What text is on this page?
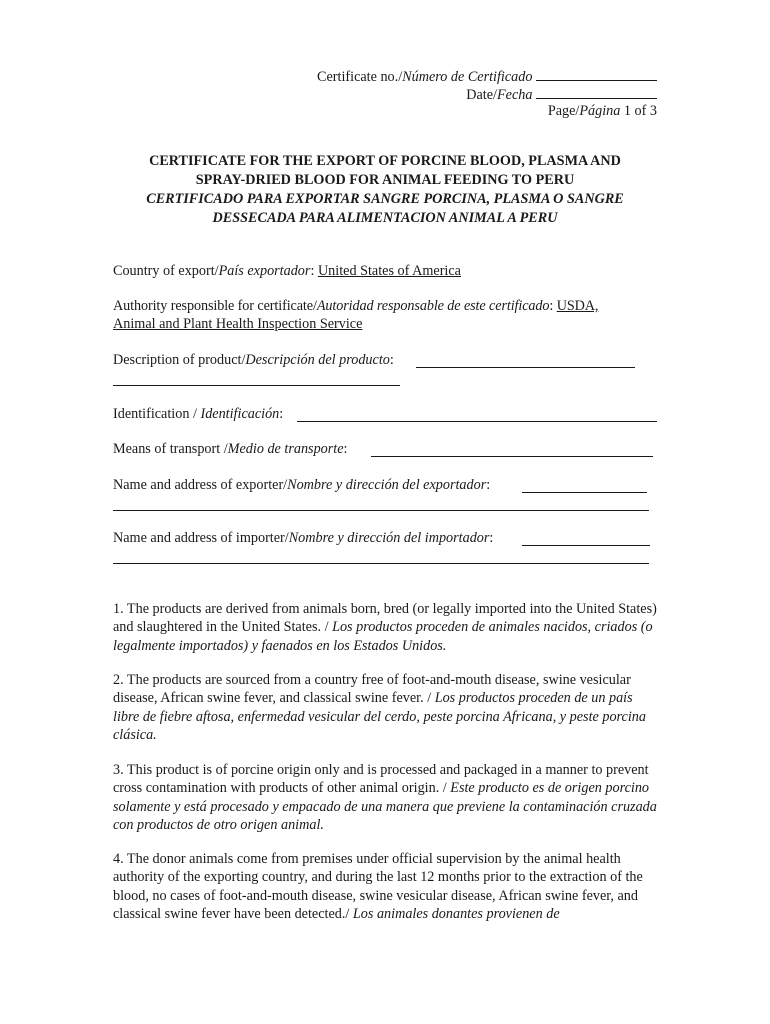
Certificate no./Número de Certificado
Date/Fecha
Page/Página 1 of 3
CERTIFICATE FOR THE EXPORT OF PORCINE BLOOD, PLASMA AND
SPRAY-DRIED BLOOD FOR ANIMAL FEEDING TO PERU
CERTIFICADO PARA EXPORTAR SANGRE PORCINA, PLASMA O SANGRE
DESSECADA PARA ALIMENTACION ANIMAL A PERU
Country of export/País exportador: United States of America
Authority responsible for certificate/Autoridad responsable de este certificado: USDA,
Animal and Plant Health Inspection Service
Description of product/Descripción del producto:
Identification / Identificación:
Means of transport /Medio de transporte:
Name and address of exporter/Nombre y dirección del exportador:
Name and address of importer/Nombre y dirección del importador:
1. The products are derived from animals born, bred (or legally imported into the United States) and slaughtered in the United States. / Los productos proceden de animales nacidos, criados (o legalmente importados) y faenados en los Estados Unidos.
2. The products are sourced from a country free of foot-and-mouth disease, swine vesicular disease, African swine fever, and classical swine fever. / Los productos proceden de un país libre de fiebre aftosa, enfermedad vesicular del cerdo, peste porcina Africana, y peste porcina clásica.
3. This product is of porcine origin only and is processed and packaged in a manner to prevent cross contamination with products of other animal origin. / Este producto es de origen porcino solamente y está procesado y empacado de una manera que previene la contaminación cruzada con productos de otro origen animal.
4. The donor animals come from premises under official supervision by the animal health authority of the exporting country, and during the last 12 months prior to the extraction of the blood, no cases of foot-and-mouth disease, swine vesicular disease, African swine fever, and classical swine fever have been detected./ Los animales donantes provienen de
